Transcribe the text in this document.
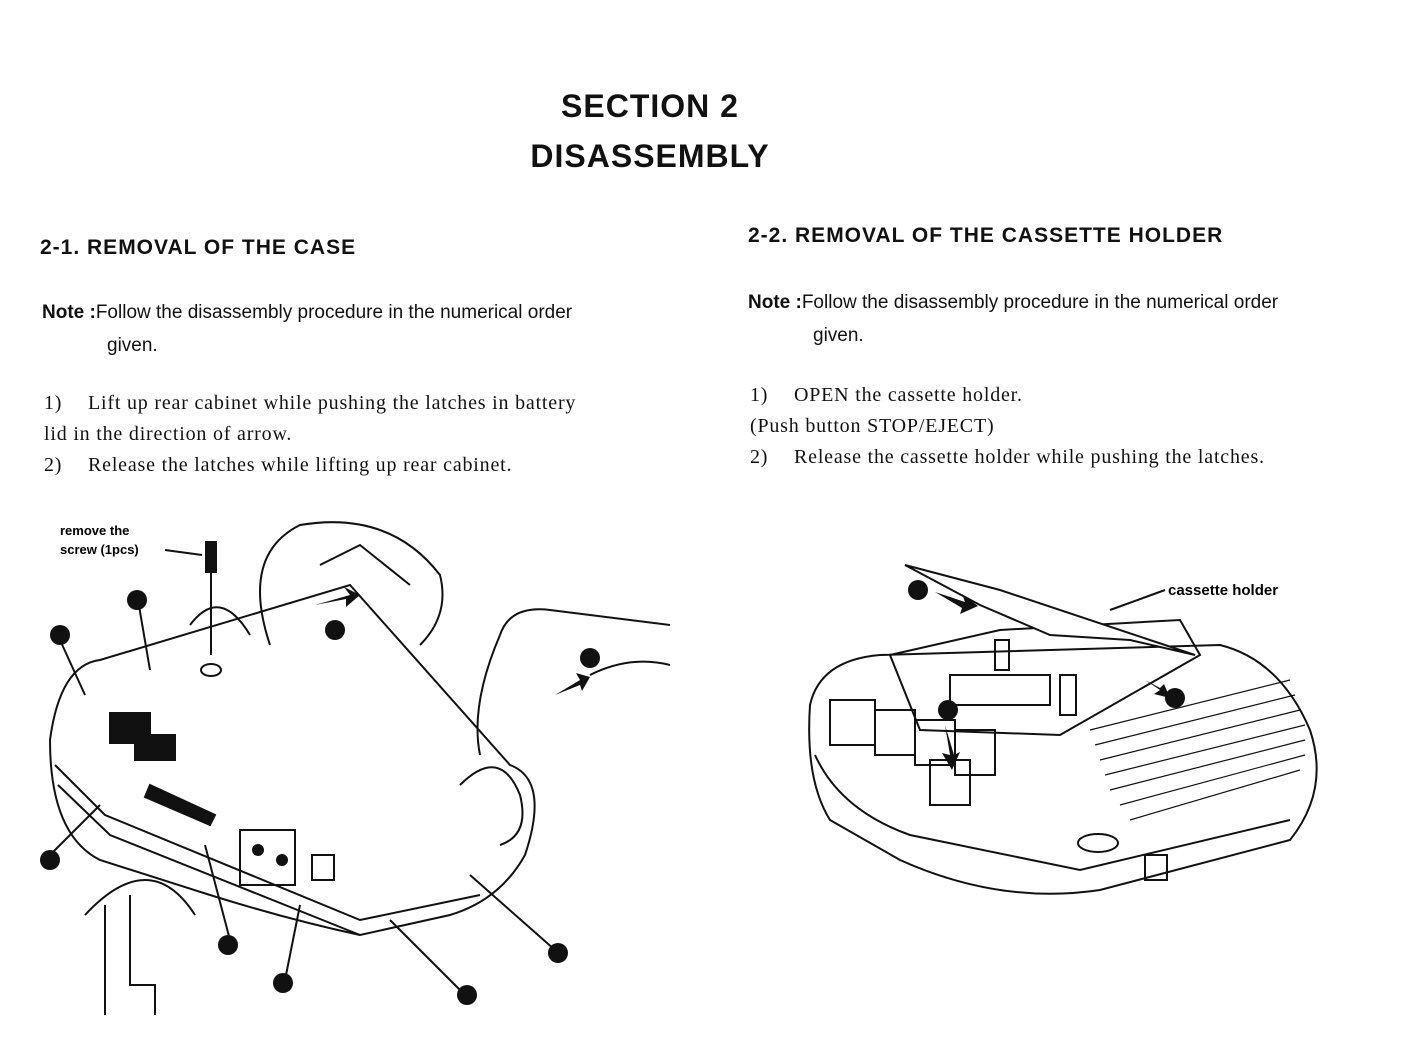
SECTION 2
DISASSEMBLY
2-1. REMOVAL OF THE CASE
Note :Follow the disassembly procedure in the numerical order
given.
1)	Lift up rear cabinet while pushing the latches in battery
lid in the direction of arrow.
2)	Release the latches while lifting up rear cabinet.
2-2. REMOVAL OF THE CASSETTE HOLDER
Note :Follow the disassembly procedure in the numerical order
given.
1)	OPEN the cassette holder.
(Push button STOP/EJECT)
2)	Release the cassette holder while pushing the latches.
remove the
screw (1pcs)
cassette holder
